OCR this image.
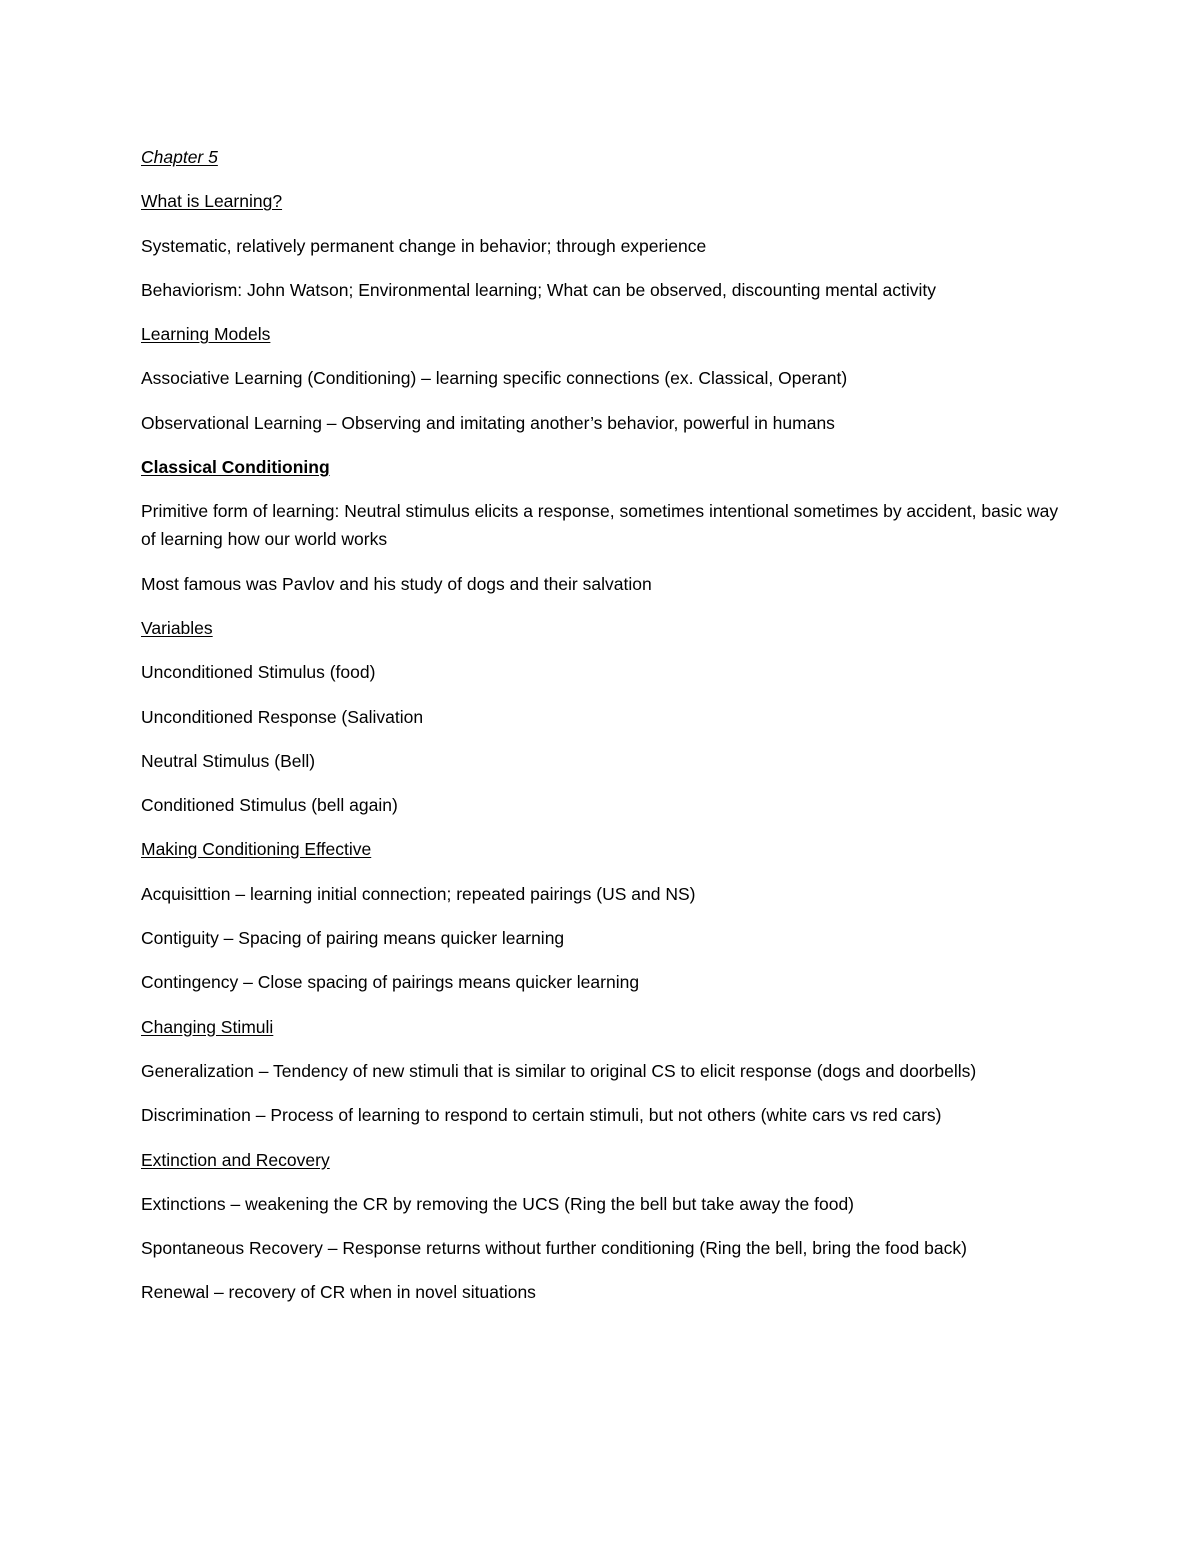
Chapter 5

What is Learning?

Systematic, relatively permanent change in behavior; through experience

Behaviorism: John Watson; Environmental learning; What can be observed, discounting mental activity

Learning Models

Associative Learning (Conditioning) – learning specific connections (ex. Classical, Operant)

Observational Learning – Observing and imitating another’s behavior, powerful in humans

Classical Conditioning

Primitive form of learning: Neutral stimulus elicits a response, sometimes intentional sometimes by accident, basic way of learning how our world works

Most famous was Pavlov and his study of dogs and their salvation

Variables

Unconditioned Stimulus (food)

Unconditioned Response (Salivation

Neutral Stimulus (Bell)

Conditioned Stimulus (bell again)

Making Conditioning Effective

Acquisittion – learning initial connection; repeated pairings (US and NS)

Contiguity – Spacing of pairing means quicker learning

Contingency – Close spacing of pairings means quicker learning

Changing Stimuli

Generalization – Tendency of new stimuli that is similar to original CS to elicit response (dogs and doorbells)

Discrimination – Process of learning to respond to certain stimuli, but not others (white cars vs red cars)

Extinction and Recovery

Extinctions – weakening the CR by removing the UCS (Ring the bell but take away the food)

Spontaneous Recovery – Response returns without further conditioning (Ring the bell, bring the food back)

Renewal – recovery of CR when in novel situations
